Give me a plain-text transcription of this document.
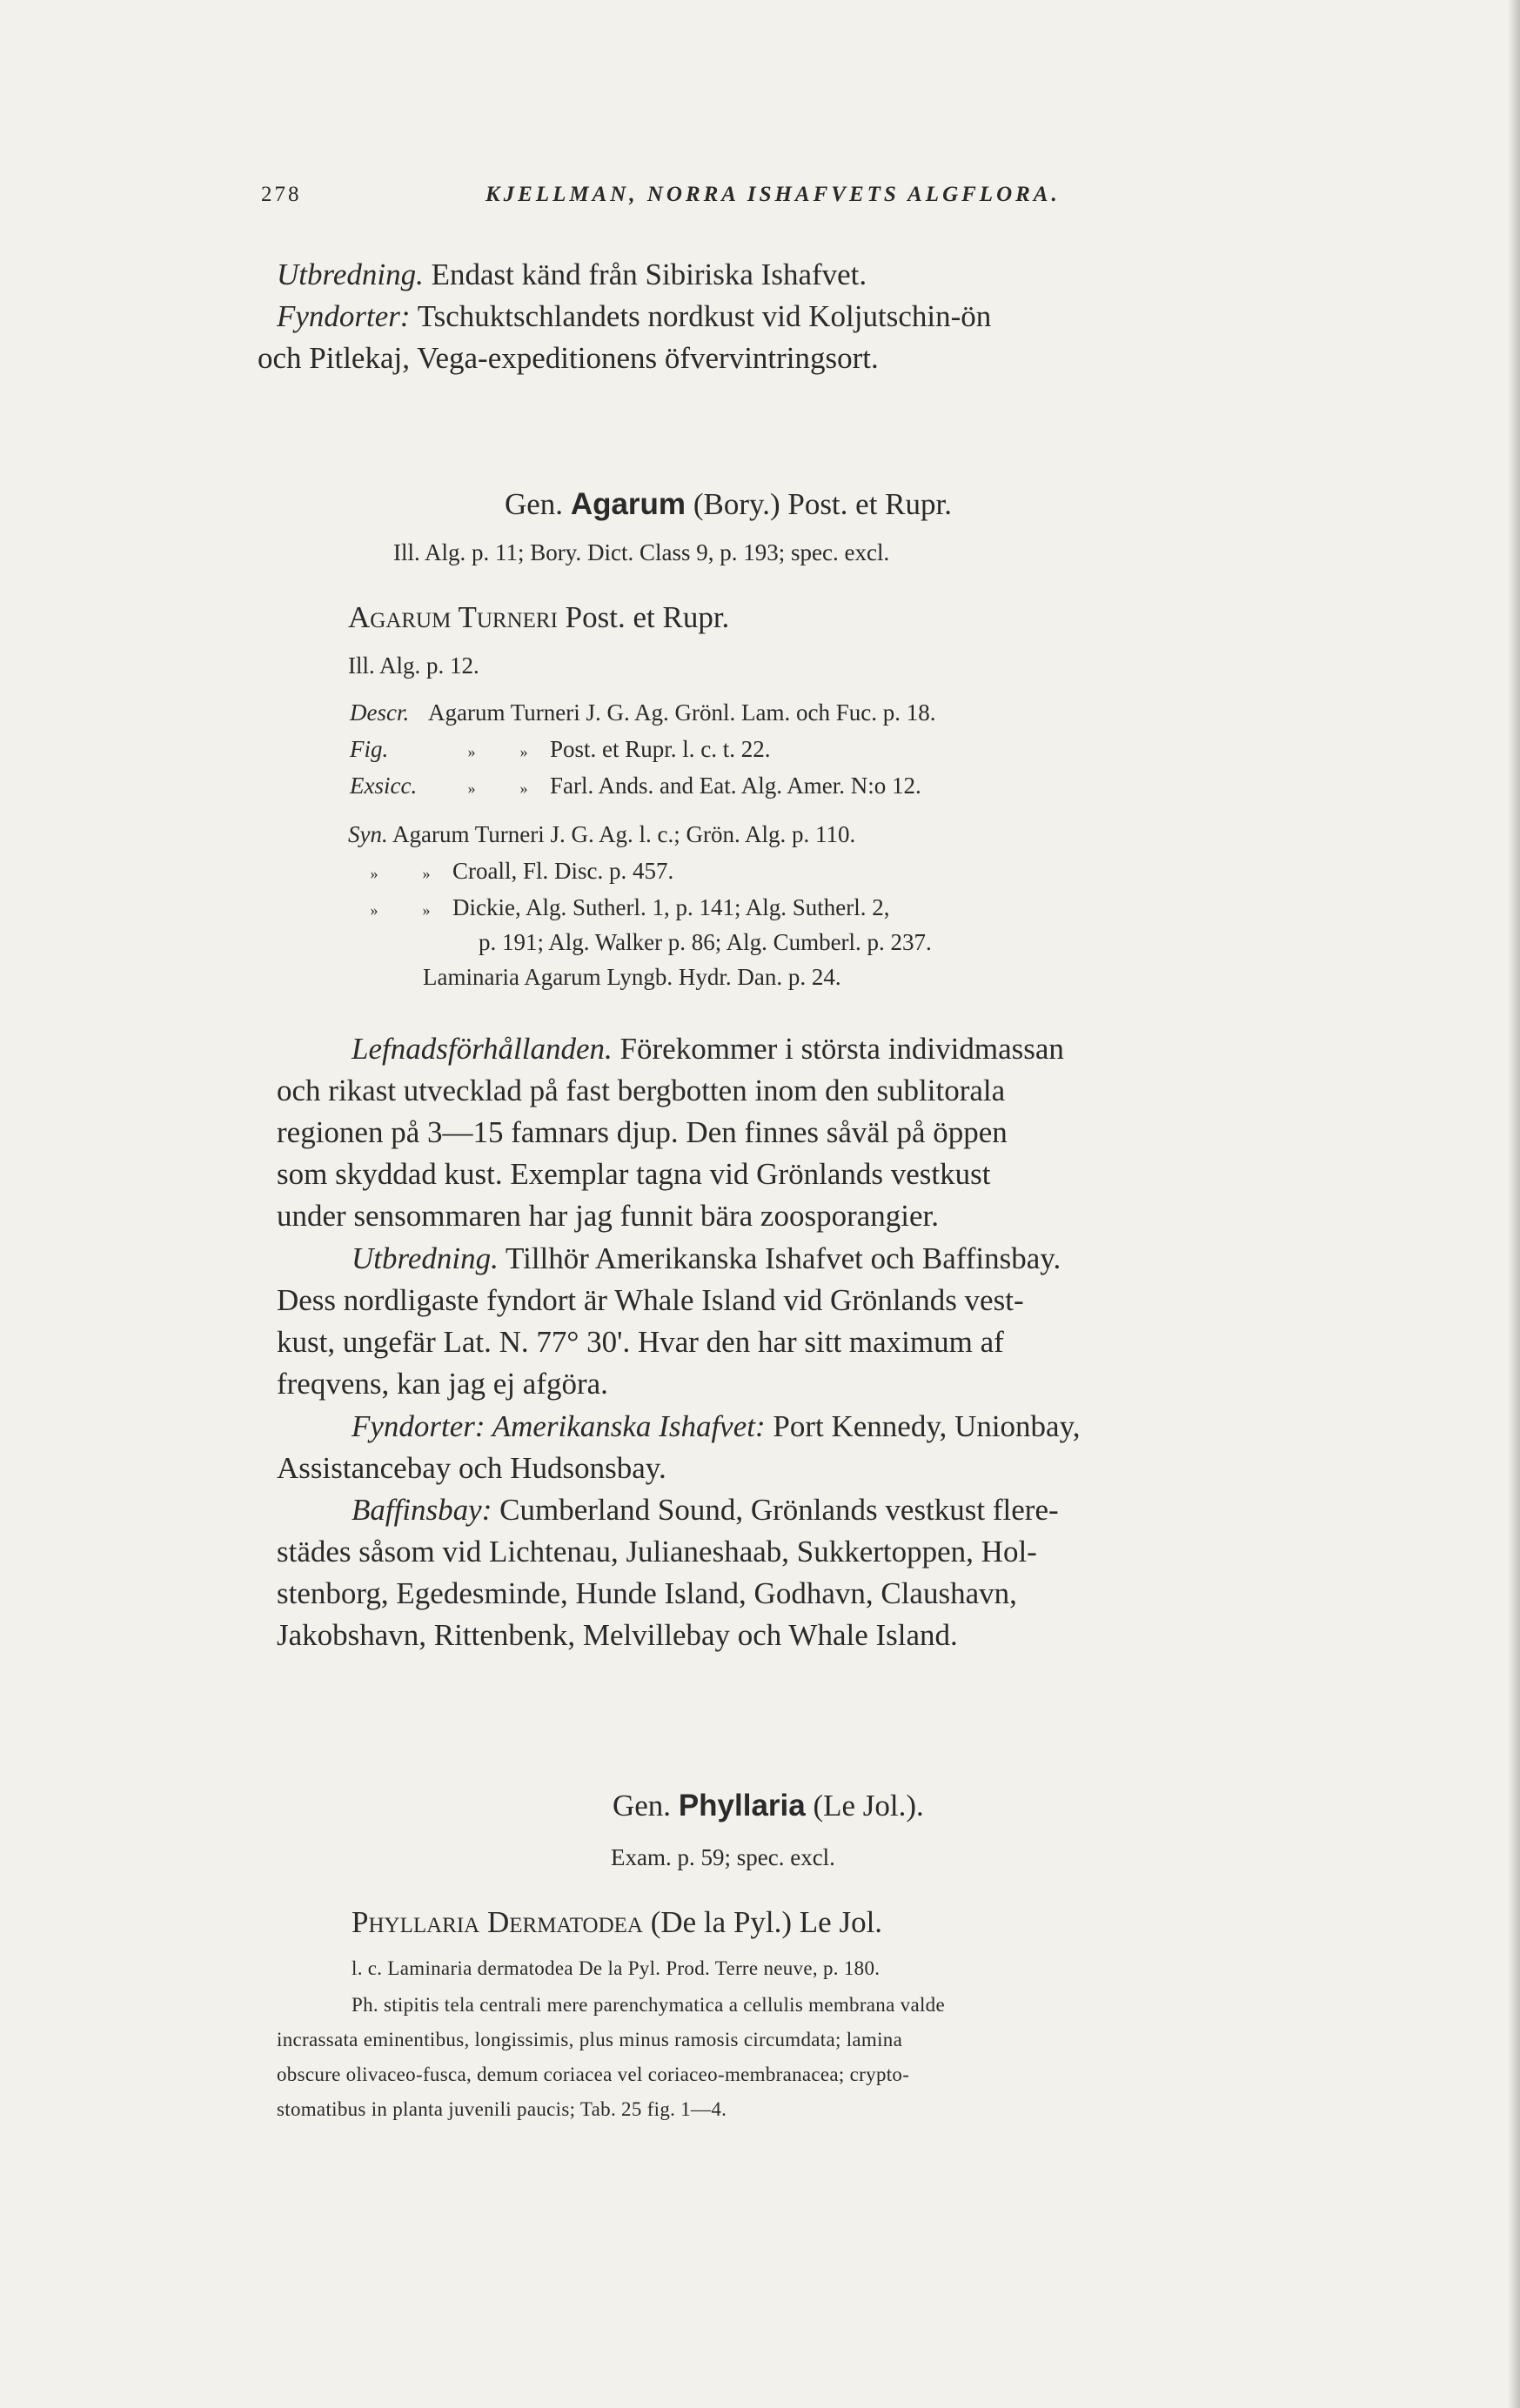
278	KJELLMAN, NORRA ISHAFVETS ALGFLORA.
Utbredning. Endast känd från Sibiriska Ishafvet.
Fyndorter: Tschuktschlandets nordkust vid Koljutschin-ön
och Pitlekaj, Vega-expeditionens öfvervintringsort.
Gen. Agarum (Bory.) Post. et Rupr.
Ill. Alg. p. 11; Bory. Dict. Class 9, p. 193; spec. excl.
Agarum Turneri Post. et Rupr.
Ill. Alg. p. 12.
Descr. Agarum Turneri J. G. Ag. Grönl. Lam. och Fuc. p. 18.
Fig.	»	» Post. et Rupr. l. c. t. 22.
Exsicc.	»	» Farl. Ands. and Eat. Alg. Amer. N:o 12.
Syn. Agarum Turneri J. G. Ag. l. c.; Grön. Alg. p. 110.
»	» Croall, Fl. Disc. p. 457.
»	» Dickie, Alg. Sutherl. 1, p. 141; Alg. Sutherl. 2,
p. 191; Alg. Walker p. 86; Alg. Cumberl. p. 237.
Laminaria Agarum Lyngb. Hydr. Dan. p. 24.
Lefnadsförhållanden. Förekommer i största individmassan
och rikast utvecklad på fast bergbotten inom den sublitorala
regionen på 3—15 famnars djup. Den finnes såväl på öppen
som skyddad kust. Exemplar tagna vid Grönlands vestkust
under sensommaren har jag funnit bära zoosporangier.
Utbredning. Tillhör Amerikanska Ishafvet och Baffinsbay.
Dess nordligaste fyndort är Whale Island vid Grönlands vest-
kust, ungefär Lat. N. 77° 30'. Hvar den har sitt maximum af
freqvens, kan jag ej afgöra.
Fyndorter: Amerikanska Ishafvet: Port Kennedy, Unionbay,
Assistancebay och Hudsonsbay.
Baffinsbay: Cumberland Sound, Grönlands vestkust flere-
städes såsom vid Lichtenau, Julianeshaab, Sukkertoppen, Hol-
stenborg, Egedesminde, Hunde Island, Godhavn, Claushavn,
Jakobshavn, Rittenbenk, Melvillebay och Whale Island.
Gen. Phyllaria (Le Jol.).
Exam. p. 59; spec. excl.
Phyllaria Dermatodea (De la Pyl.) Le Jol.
l. c. Laminaria dermatodea De la Pyl. Prod. Terre neuve, p. 180.
Ph. stipitis tela centrali mere parenchymatica a cellulis membrana valde
incrassata eminentibus, longissimis, plus minus ramosis circumdata; lamina
obscure olivaceo-fusca, demum coriacea vel coriaceo-membranacea; crypto-
stomatibus in planta juvenili paucis; Tab. 25 fig. 1—4.
